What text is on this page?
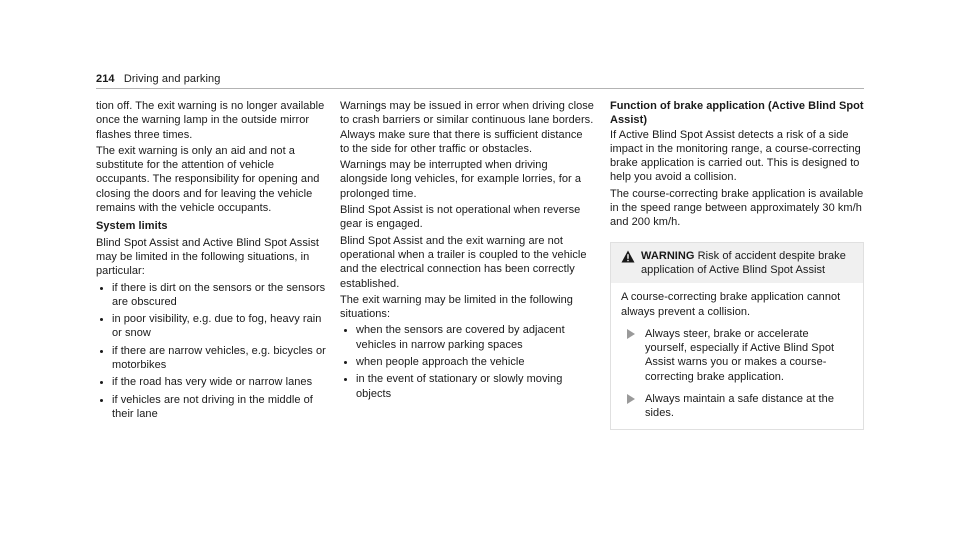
214 Driving and parking

tion off. The exit warning is no longer available once the warning lamp in the outside mirror flashes three times.

The exit warning is only an aid and not a substitute for the attention of vehicle occupants. The responsibility for opening and closing the doors and for leaving the vehicle remains with the vehicle occupants.

System limits

Blind Spot Assist and Active Blind Spot Assist may be limited in the following situations, in particular:

if there is dirt on the sensors or the sensors are obscured
in poor visibility, e.g. due to fog, heavy rain or snow
if there are narrow vehicles, e.g. bicycles or motorbikes
if the road has very wide or narrow lanes
if vehicles are not driving in the middle of their lane

Warnings may be issued in error when driving close to crash barriers or similar continuous lane borders. Always make sure that there is sufficient distance to the side for other traffic or obstacles.

Warnings may be interrupted when driving alongside long vehicles, for example lorries, for a prolonged time.

Blind Spot Assist is not operational when reverse gear is engaged.

Blind Spot Assist and the exit warning are not operational when a trailer is coupled to the vehicle and the electrical connection has been correctly established.

The exit warning may be limited in the following situations:

when the sensors are covered by adjacent vehicles in narrow parking spaces
when people approach the vehicle
in the event of stationary or slowly moving objects
Function of brake application (Active Blind Spot Assist)

If Active Blind Spot Assist detects a risk of a side impact in the monitoring range, a course-correcting brake application is carried out. This is designed to help you avoid a collision.

The course-correcting brake application is available in the speed range between approximately 30 km/h and 200 km/h.

WARNING Risk of accident despite brake application of Active Blind Spot Assist

A course-correcting brake application cannot always prevent a collision.

Always steer, brake or accelerate yourself, especially if Active Blind Spot Assist warns you or makes a course-correcting brake application.
Always maintain a safe distance at the sides.
